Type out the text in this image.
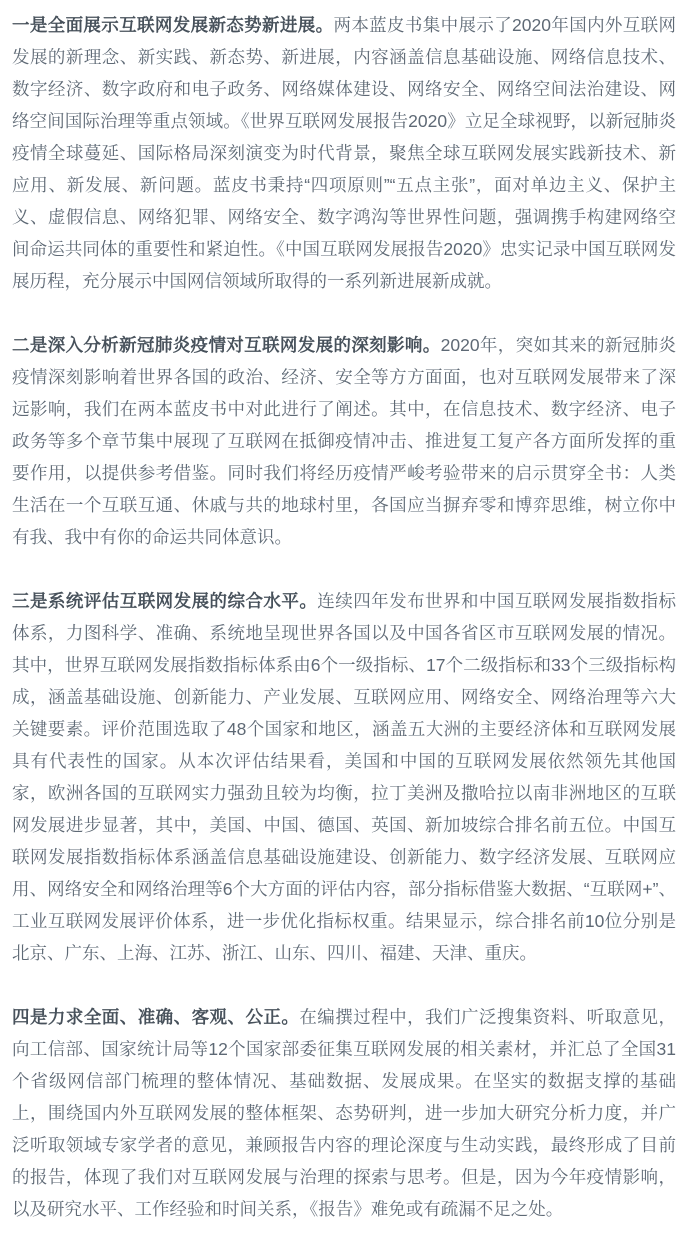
一是全面展示互联网发展新态势新进展。两本蓝皮书集中展示了2020年国内外互联网发展的新理念、新实践、新态势、新进展，内容涵盖信息基础设施、网络信息技术、数字经济、数字政府和电子政务、网络媒体建设、网络安全、网络空间法治建设、网络空间国际治理等重点领域。《世界互联网发展报告2020》立足全球视野，以新冠肺炎疫情全球蔓延、国际格局深刻演变为时代背景，聚焦全球互联网发展实践新技术、新应用、新发展、新问题。蓝皮书秉持“四项原则”“五点主张”，面对单边主义、保护主义、虚假信息、网络犯罪、网络安全、数字鸿沟等世界性问题，强调携手构建网络空间命运共同体的重要性和紧迫性。《中国互联网发展报告2020》忠实记录中国互联网发展历程，充分展示中国网信领域所取得的一系列新进展新成就。

二是深入分析新冠肺炎疫情对互联网发展的深刻影响。2020年，突如其来的新冠肺炎疫情深刻影响着世界各国的政治、经济、安全等方方面面，也对互联网发展带来了深远影响，我们在两本蓝皮书中对此进行了阐述。其中，在信息技术、数字经济、电子政务等多个章节集中展现了互联网在抵御疫情冲击、推进复工复产各方面所发挥的重要作用，以提供参考借鉴。同时我们将经历疫情严峻考验带来的启示贯穿全书：人类生活在一个互联互通、休戚与共的地球村里，各国应当摒弃零和博弈思维，树立你中有我、我中有你的命运共同体意识。

三是系统评估互联网发展的综合水平。连续四年发布世界和中国互联网发展指数指标体系，力图科学、准确、系统地呈现世界各国以及中国各省区市互联网发展的情况。其中，世界互联网发展指数指标体系由6个一级指标、17个二级指标和33个三级指标构成，涵盖基础设施、创新能力、产业发展、互联网应用、网络安全、网络治理等六大关键要素。评价范围选取了48个国家和地区，涵盖五大洲的主要经济体和互联网发展具有代表性的国家。从本次评估结果看，美国和中国的互联网发展依然领先其他国家，欧洲各国的互联网实力强劲且较为均衡，拉丁美洲及撒哈拉以南非洲地区的互联网发展进步显著，其中，美国、中国、德国、英国、新加坡综合排名前五位。中国互联网发展指数指标体系涵盖信息基础设施建设、创新能力、数字经济发展、互联网应用、网络安全和网络治理等6个大方面的评估内容，部分指标借鉴大数据、“互联网+”、工业互联网发展评价体系，进一步优化指标权重。结果显示，综合排名前10位分别是北京、广东、上海、江苏、浙江、山东、四川、福建、天津、重庆。

四是力求全面、准确、客观、公正。在编撰过程中，我们广泛搜集资料、听取意见，向工信部、国家统计局等12个国家部委征集互联网发展的相关素材，并汇总了全国31个省级网信部门梳理的整体情况、基础数据、发展成果。在坚实的数据支撑的基础上，围绕国内外互联网发展的整体框架、态势研判，进一步加大研究分析力度，并广泛听取领域专家学者的意见，兼顾报告内容的理论深度与生动实践，最终形成了目前的报告，体现了我们对互联网发展与治理的探索与思考。但是，因为今年疫情影响，以及研究水平、工作经验和时间关系，《报告》难免或有疏漏不足之处。
